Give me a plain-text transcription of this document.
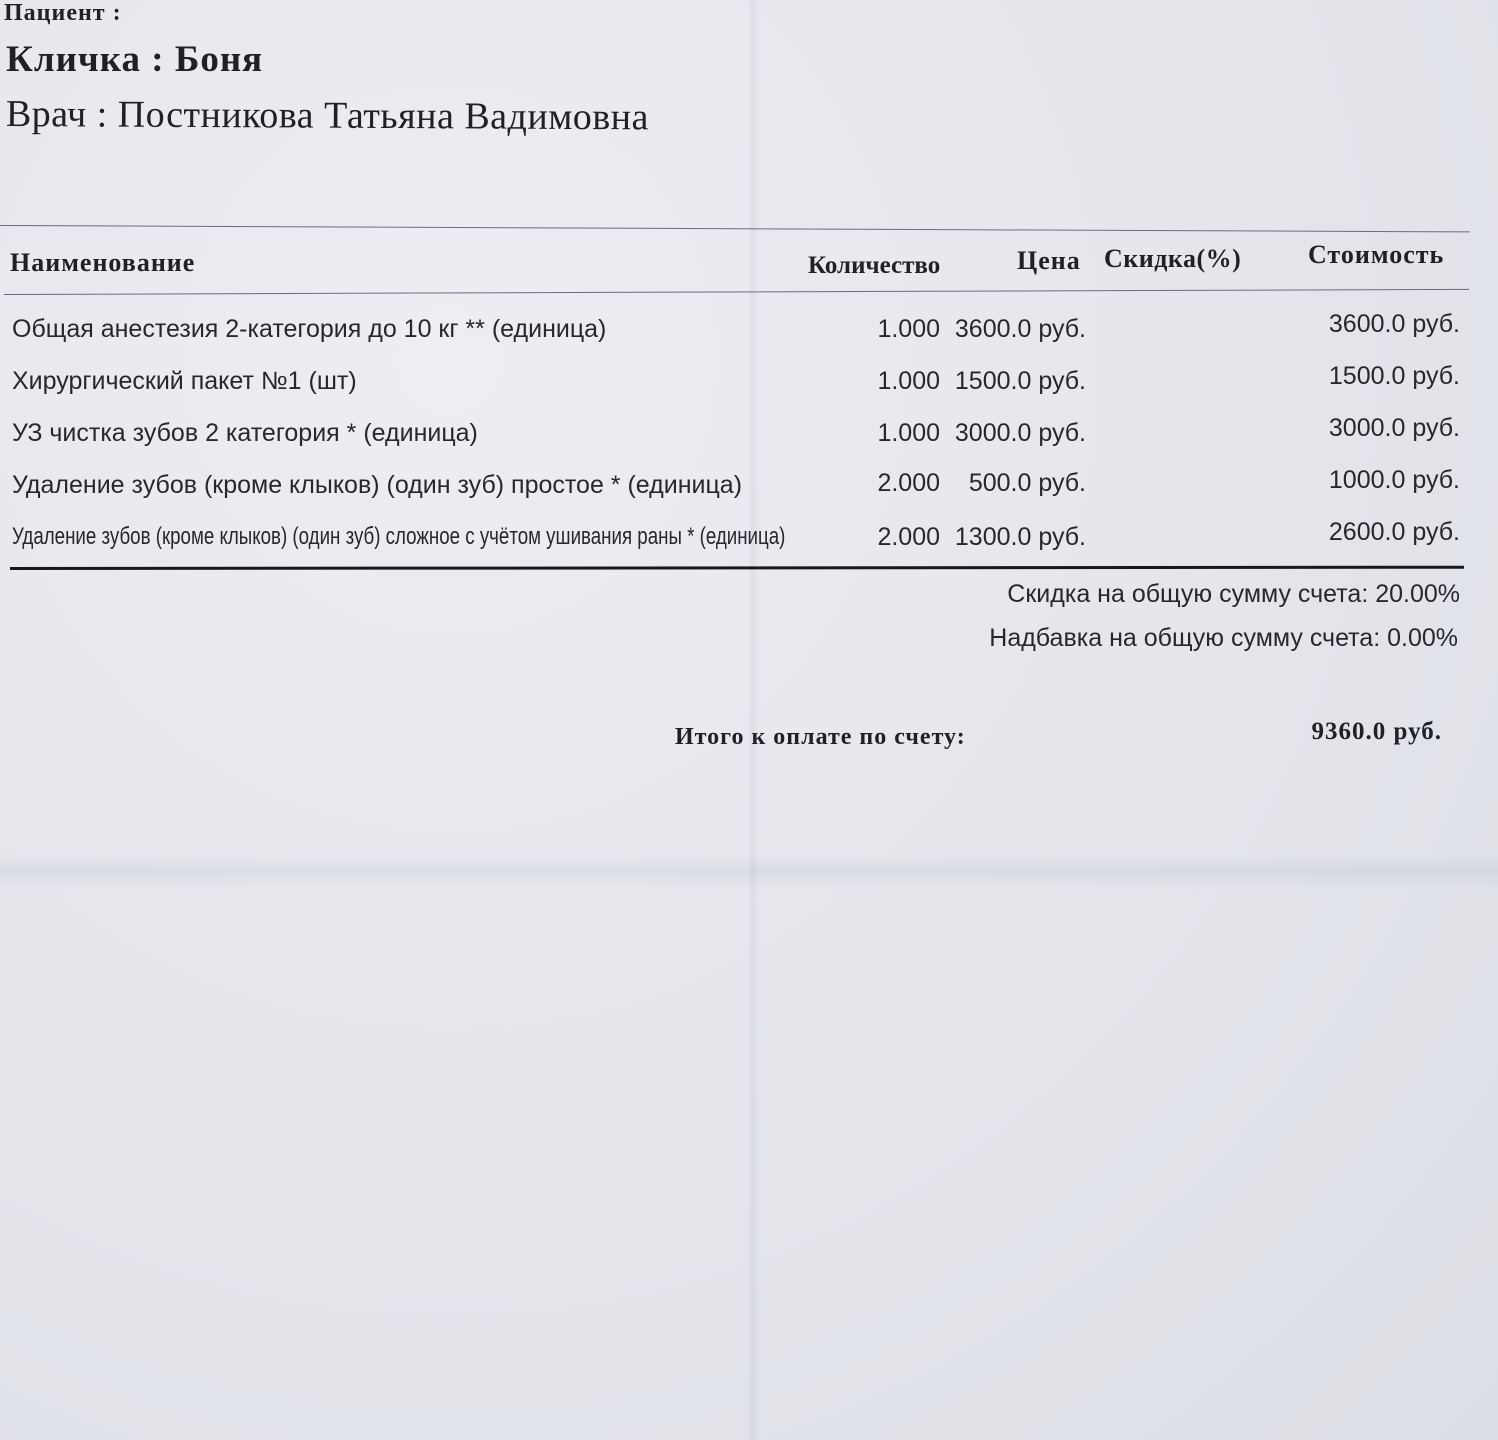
Пациент :
Кличка : Боня
Врач : Постникова Татьяна Вадимовна
Наименование	Количество	Цена Скидка(%)	Стоимость
Общая анестезия 2-категория до 10 кг ** (единица)	1.000 3600.0 руб.	3600.0 руб.
Хирургический пакет №1 (шт)	1.000 1500.0 руб.	1500.0 руб.
УЗ чистка зубов 2 категория * (единица)	1.000 3000.0 руб.	3000.0 руб.
Удаление зубов (кроме клыков) (один зуб) простое * (единица)	2.000	500.0 руб.	1000.0 руб.
Удаление зубов (кроме клыков) (один зуб) сложное с учётом ушивания раны * (единица)	2.000 1300.0 руб.	2600.0 руб.
Скидка на общую сумму счета: 20.00%
Надбавка на общую сумму счета: 0.00%
Итого к оплате по счету:	9360.0 руб.
